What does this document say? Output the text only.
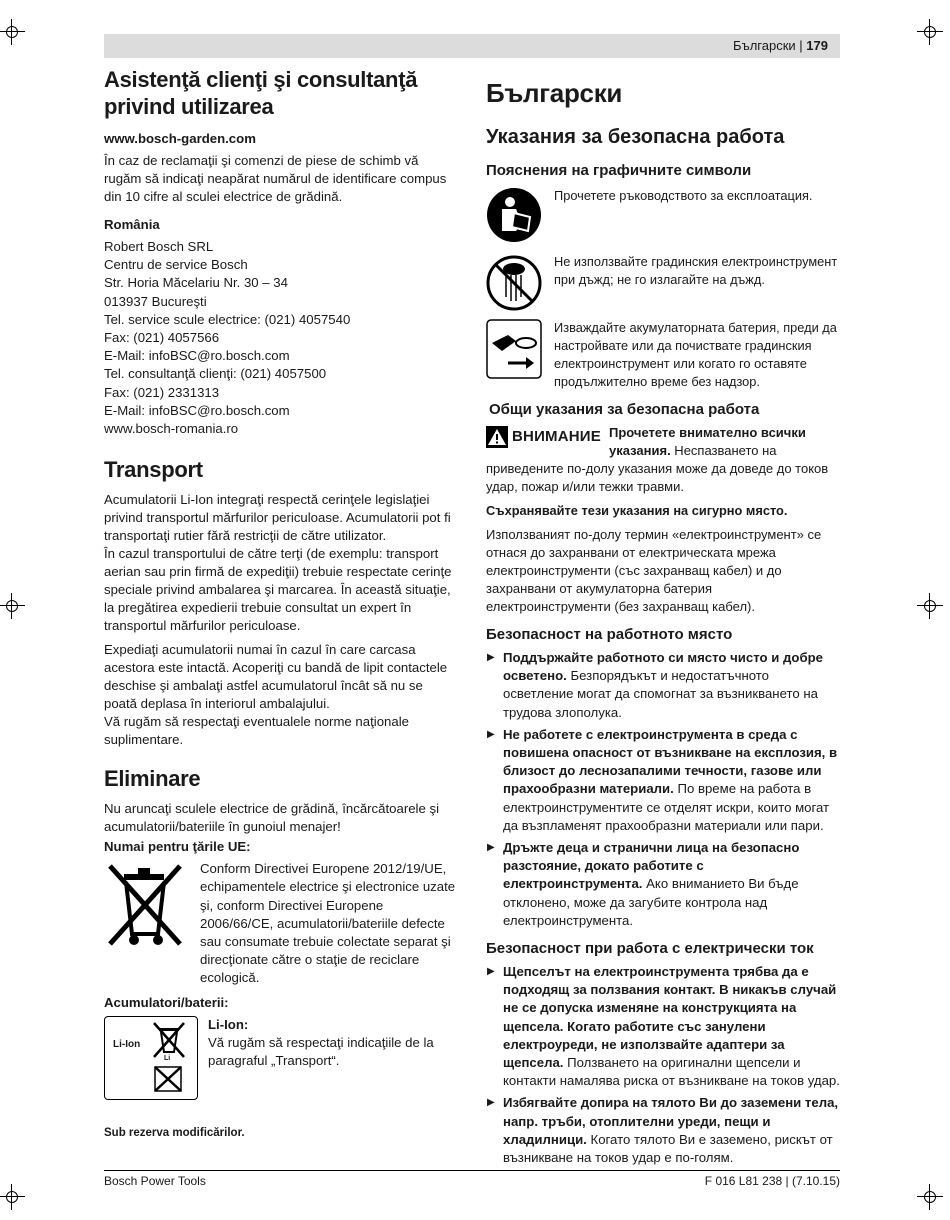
Български | 179
Asistenţă clienţi şi consultanţă privind utilizarea

www.bosch-garden.com

În caz de reclamaţii şi comenzi de piese de schimb vă rugăm să indicaţi neapărat numărul de identificare compus din 10 cifre al sculei electrice de grădină.

România

Robert Bosch SRL
Centru de service Bosch
Str. Horia Măcelariu Nr. 30 – 34
013937 Bucureşti
Tel. service scule electrice: (021) 4057540
Fax: (021) 4057566
E-Mail: infoBSC@ro.bosch.com
Tel. consultanţă clienţi: (021) 4057500
Fax: (021) 2331313
E-Mail: infoBSC@ro.bosch.com
www.bosch-romania.ro
Transport

Acumulatorii Li-Ion integraţi respectă cerinţele legislaţiei privind transportul mărfurilor periculoase. Acumulatorii pot fi transportaţi rutier fără restricţii de către utilizator.

În cazul transportului de către terţi (de exemplu: transport aerian sau prin firmă de expediţii) trebuie respectate cerinţe speciale privind ambalarea şi marcarea. În această situaţie, la pregătirea expedierii trebuie consultat un expert în transportul mărfurilor periculoase.

Expediaţi acumulatorii numai în cazul în care carcasa acestora este intactă. Acoperiţi cu bandă de lipit contactele deschise şi ambalaţi astfel acumulatorul încât să nu se poată deplasa în interiorul ambalajului.

Vă rugăm să respectaţi eventualele norme naţionale suplimentare.

Eliminare

Nu aruncaţi sculele electrice de grădină, încărcătoarele şi acumulatorii/bateriile în gunoiul menajer!

Numai pentru ţările UE:

Conform Directivei Europene 2012/19/UE, echipamentele electrice şi electronice uzate şi, conform Directivei Europene 2006/66/CE, acumulatorii/bateriile defecte sau consumate trebuie colectate separat şi direcţionate către o staţie de reciclare ecologică.

Acumulatori/baterii:

Li-Ion
Li
Li-Ion:
Vă rugăm să respectaţi indicaţiile de la paragraful „Transport“.

Sub rezerva modificărilor.

Български
Указания за безопасна работа
Пояснения на графичните символи
Прочетете ръководството за експлоатация.
Не използвайте градинския електроинструмент при дъжд; не го излагайте на дъжд.
Изваждайте акумулаторната батерия, преди да настройвате или да почиствате градинския електроинструмент или когато го оставяте продължително време без надзор.
Общи указания за безопасна работа
ВНИМАНИЕ Прочетете внимателно всички указания. Неспазването на приведените по-долу указания може да доведе до токов удар, пожар и/или тежки травми.

Съхранявайте тези указания на сигурно място.

Използваният по-долу термин «електроинструмент» се отнася до захранвани от електрическата мрежа електроинструменти (със захранващ кабел) и до захранвани от акумулаторна батерия електроинструменти (без захранващ кабел).

Безопасност на работното място
▶ Поддържайте работното си място чисто и добре осветено. Безпорядъкът и недостатъчното осветление могат да спомогнат за възникването на трудова злополука.
▶ Не работете с електроинструмента в среда с повишена опасност от възникване на експлозия, в близост до леснозапалими течности, газове или прахообразни материали. По време на работа в електроинструментите се отделят искри, които могат да възпламенят прахообразни материали или пари.
▶ Дръжте деца и странични лица на безопасно разстояние, докато работите с електроинструмента. Ако вниманието Ви бъде отклонено, може да загубите контрола над електроинструмента.
Безопасност при работа с електрически ток
▶ Щепселът на електроинструмента трябва да е подходящ за ползвания контакт. В никакъв случай не се допуска изменяне на конструкцията на щепсела. Когато работите със занулени електроуреди, не използвайте адаптери за щепсела. Ползването на оригинални щепсели и контакти намалява риска от възникване на токов удар.
▶ Избягвайте допира на тялото Ви до заземени тела, напр. тръби, отоплителни уреди, пещи и хладилници. Когато тялото Ви е заземено, рискът от възникване на токов удар е по-голям.
Bosch Power Tools	F 016 L81 238 | (7.10.15)
